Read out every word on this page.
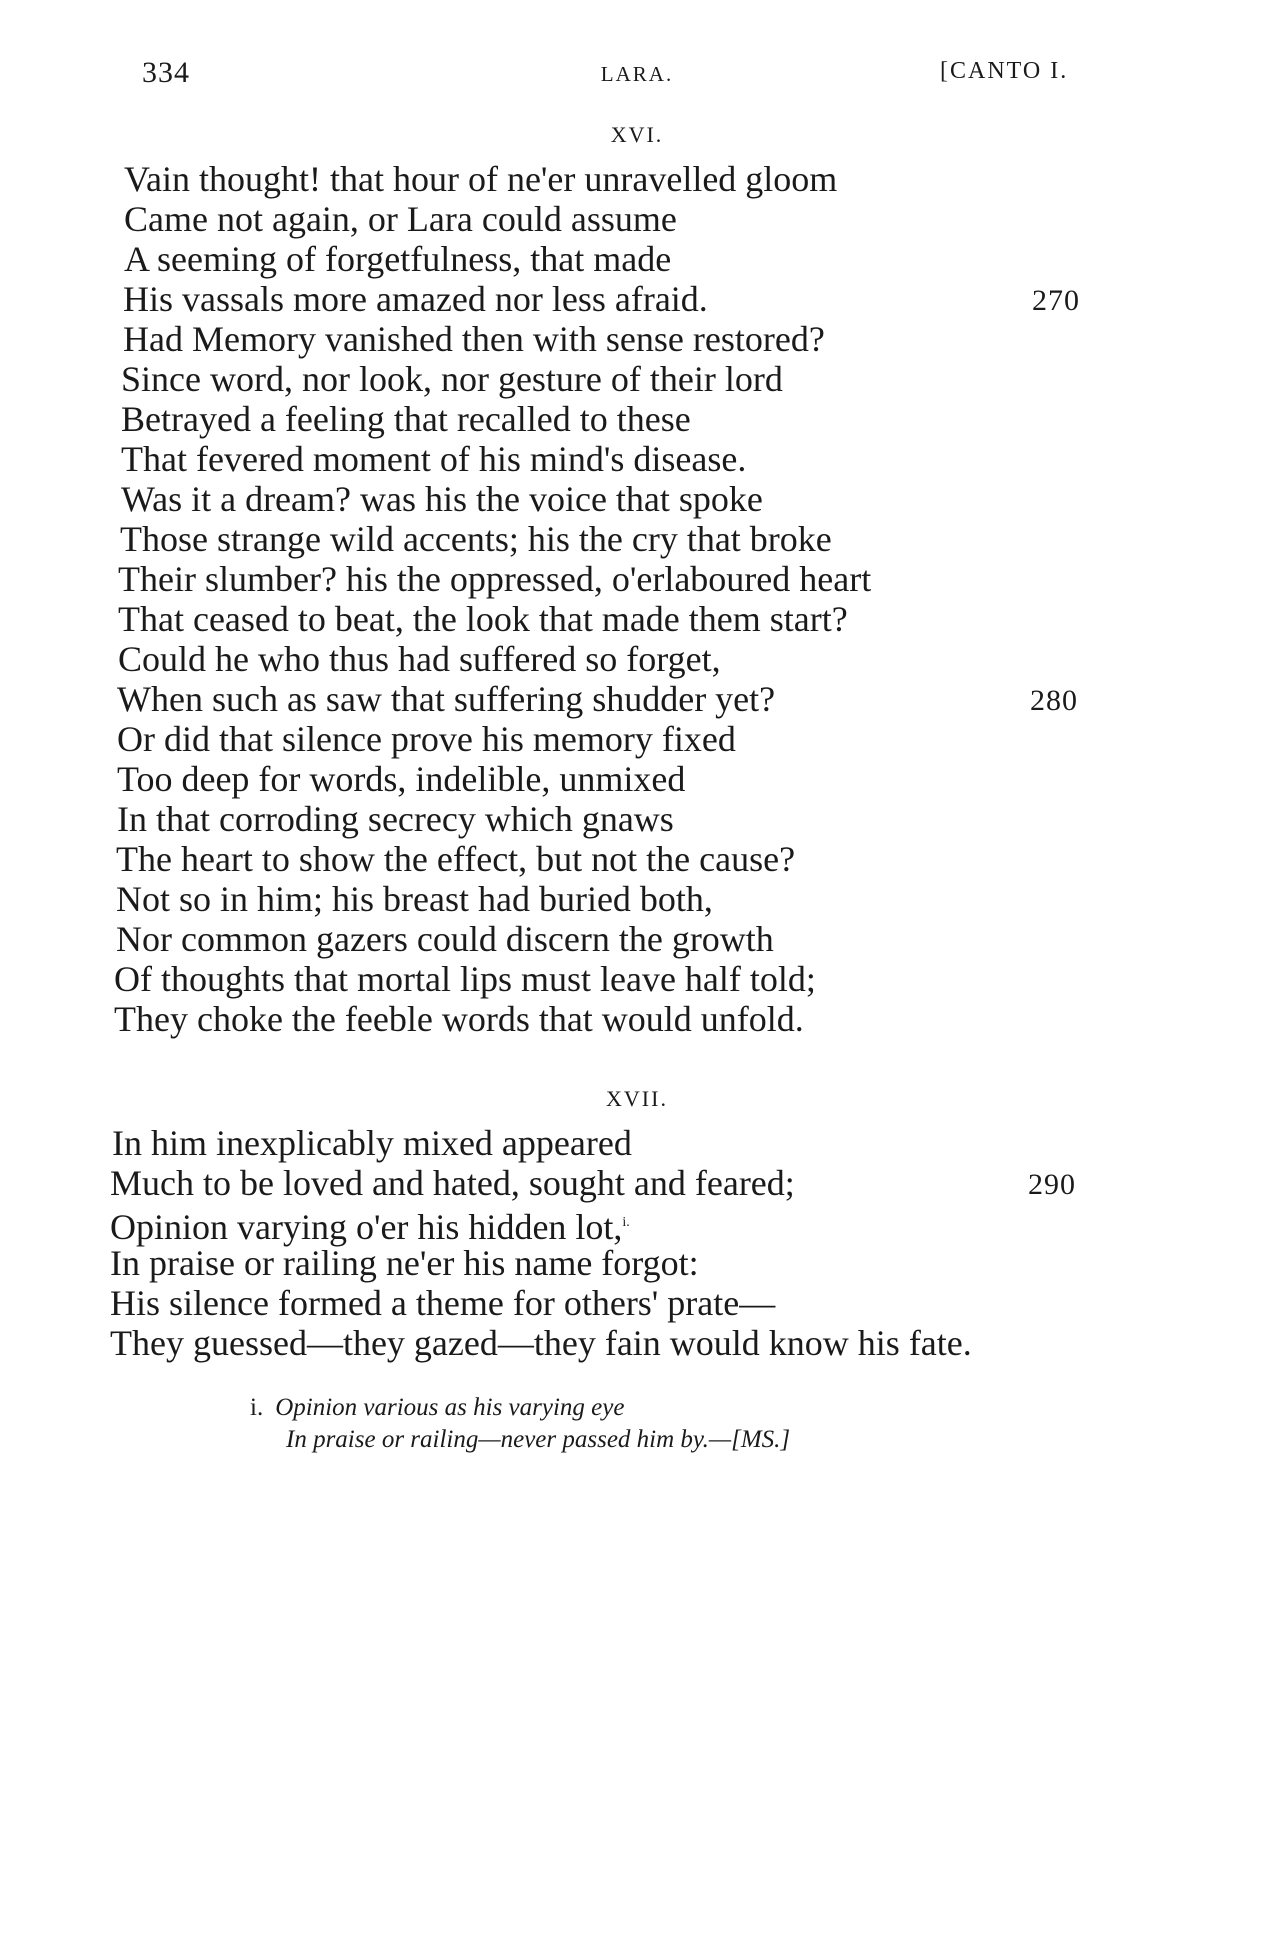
334	LARA.	[CANTO I.
XVI.
Vain thought! that hour of ne'er unravelled gloom
Came not again, or Lara could assume
A seeming of forgetfulness, that made
His vassals more amazed nor less afraid.	270
Had Memory vanished then with sense restored?
Since word, nor look, nor gesture of their lord
Betrayed a feeling that recalled to these
That fevered moment of his mind's disease.
Was it a dream? was his the voice that spoke
Those strange wild accents; his the cry that broke
Their slumber? his the oppressed, o'erlaboured heart
That ceased to beat, the look that made them start?
Could he who thus had suffered so forget,
When such as saw that suffering shudder yet?	280
Or did that silence prove his memory fixed
Too deep for words, indelible, unmixed
In that corroding secrecy which gnaws
The heart to show the effect, but not the cause?
Not so in him; his breast had buried both,
Nor common gazers could discern the growth
Of thoughts that mortal lips must leave half told;
They choke the feeble words that would unfold.
XVII.
In him inexplicably mixed appeared
Much to be loved and hated, sought and feared;	290
Opinion varying o'er his hidden lot,$^{i.}$
In praise or railing ne'er his name forgot:
His silence formed a theme for others' prate—
They guessed—they gazed—they fain would know his fate.
i. Opinion various as his varying eye
In praise or railing—never passed him by.—[MS.]
